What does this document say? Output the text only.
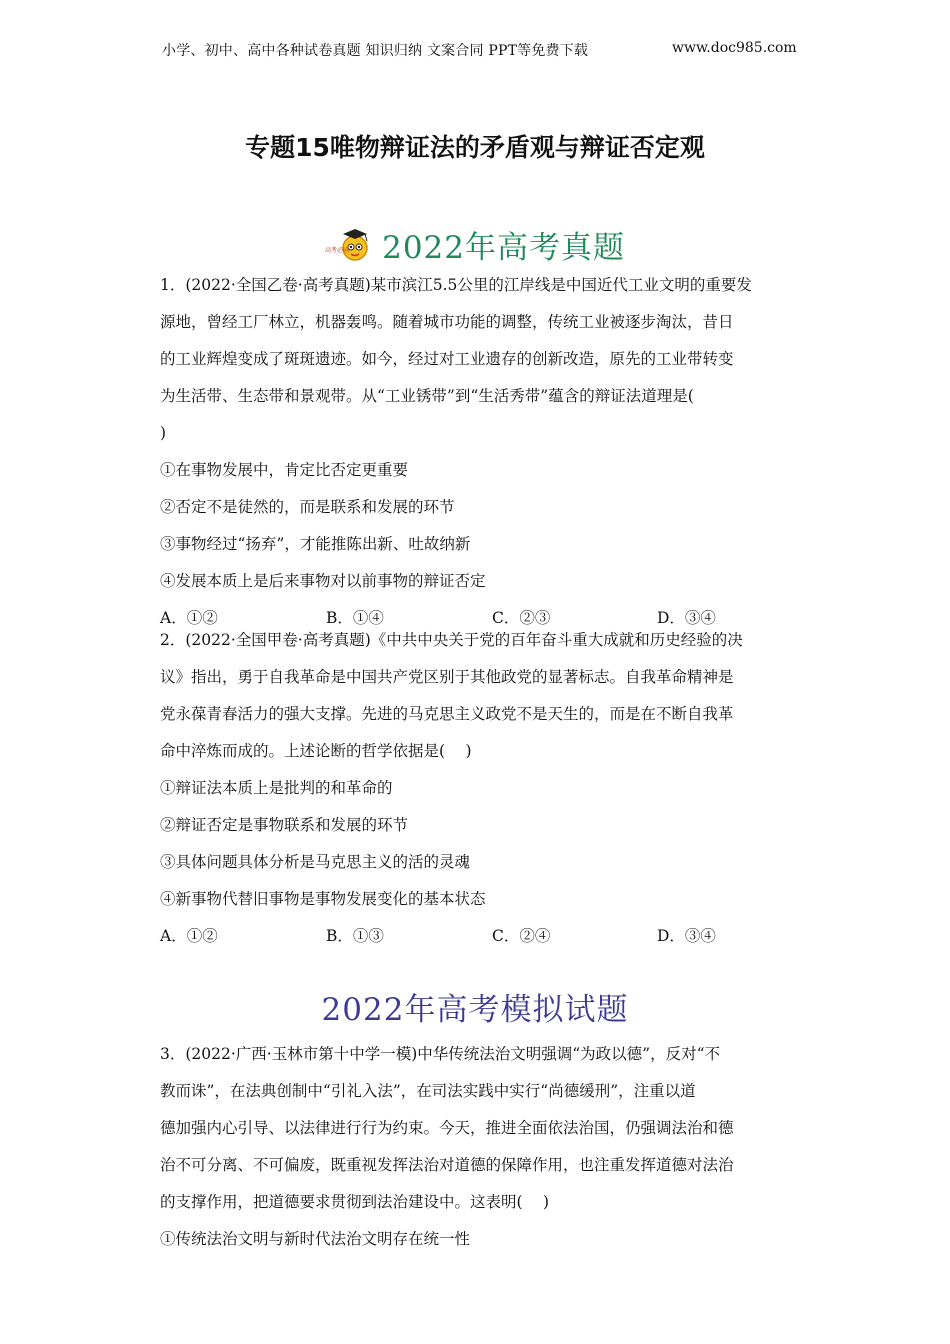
小学、初中、高中各种试卷真题 知识归纳 文案合同 PPT等免费下载	www.doc985.com
专题15唯物辩证法的矛盾观与辩证否定观
高考必刷 2022年高考真题
1．(2022·全国乙卷·高考真题)某市滨江5.5公里的江岸线是中国近代工业文明的重要发
源地，曾经工厂林立，机器轰鸣。随着城市功能的调整，传统工业被逐步淘汰，昔日
的工业辉煌变成了斑斑遗迹。如今，经过对工业遗存的创新改造，原先的工业带转变
为生活带、生态带和景观带。从“工业锈带”到“生活秀带”蕴含的辩证法道理是(
)
①在事物发展中，肯定比否定更重要
②否定不是徒然的，而是联系和发展的环节
③事物经过“扬弃”，才能推陈出新、吐故纳新
④发展本质上是后来事物对以前事物的辩证否定
A．①②	B．①④	C．②③	D．③④
2．(2022·全国甲卷·高考真题)《中共中央关于党的百年奋斗重大成就和历史经验的决
议》指出，勇于自我革命是中国共产党区别于其他政党的显著标志。自我革命精神是
党永葆青春活力的强大支撑。先进的马克思主义政党不是天生的，而是在不断自我革
命中淬炼而成的。上述论断的哲学依据是(　 )
①辩证法本质上是批判的和革命的
②辩证否定是事物联系和发展的环节
③具体问题具体分析是马克思主义的活的灵魂
④新事物代替旧事物是事物发展变化的基本状态
A．①②	B．①③	C．②④	D．③④
2022年高考模拟试题
3．(2022·广西·玉林市第十中学一模)中华传统法治文明强调“为政以德”，反对“不
教而诛”，在法典创制中“引礼入法”，在司法实践中实行“尚德缓刑”，注重以道
德加强内心引导、以法律进行行为约束。今天，推进全面依法治国，仍强调法治和德
治不可分离、不可偏废，既重视发挥法治对道德的保障作用，也注重发挥道德对法治
的支撑作用，把道德要求贯彻到法治建设中。这表明(　 )
①传统法治文明与新时代法治文明存在统一性
